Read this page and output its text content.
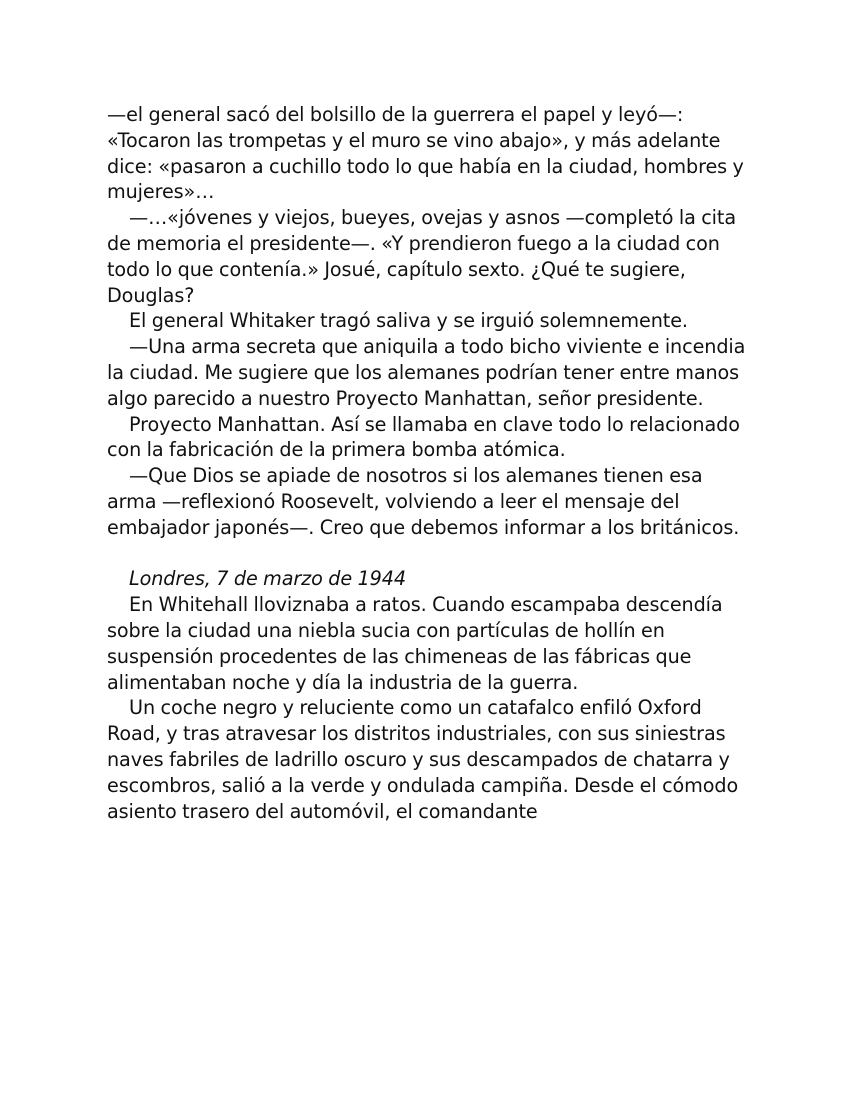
—el general sacó del bolsillo de la guerrera el papel y leyó—: «Tocaron las trompetas y el muro se vino abajo», y más adelante dice: «pasaron a cuchillo todo lo que había en la ciudad, hombres y mujeres»…

—…«jóvenes y viejos, bueyes, ovejas y asnos —completó la cita de memoria el presidente—. «Y prendieron fuego a la ciudad con todo lo que contenía.» Josué, capítulo sexto. ¿Qué te sugiere, Douglas?

El general Whitaker tragó saliva y se irguió solemnemente.

—Una arma secreta que aniquila a todo bicho viviente e incendia la ciudad. Me sugiere que los alemanes podrían tener entre manos algo parecido a nuestro Proyecto Manhattan, señor presidente.

Proyecto Manhattan. Así se llamaba en clave todo lo relacionado con la fabricación de la primera bomba atómica.

—Que Dios se apiade de nosotros si los alemanes tienen esa arma —reflexionó Roosevelt, volviendo a leer el mensaje del embajador japonés—. Creo que debemos informar a los británicos.

Londres, 7 de marzo de 1944

En Whitehall lloviznaba a ratos. Cuando escampaba descendía sobre la ciudad una niebla sucia con partículas de hollín en suspensión procedentes de las chimeneas de las fábricas que alimentaban noche y día la industria de la guerra.

Un coche negro y reluciente como un catafalco enfiló Oxford Road, y tras atravesar los distritos industriales, con sus siniestras naves fabriles de ladrillo oscuro y sus descampados de chatarra y escombros, salió a la verde y ondulada campiña. Desde el cómodo asiento trasero del automóvil, el comandante
